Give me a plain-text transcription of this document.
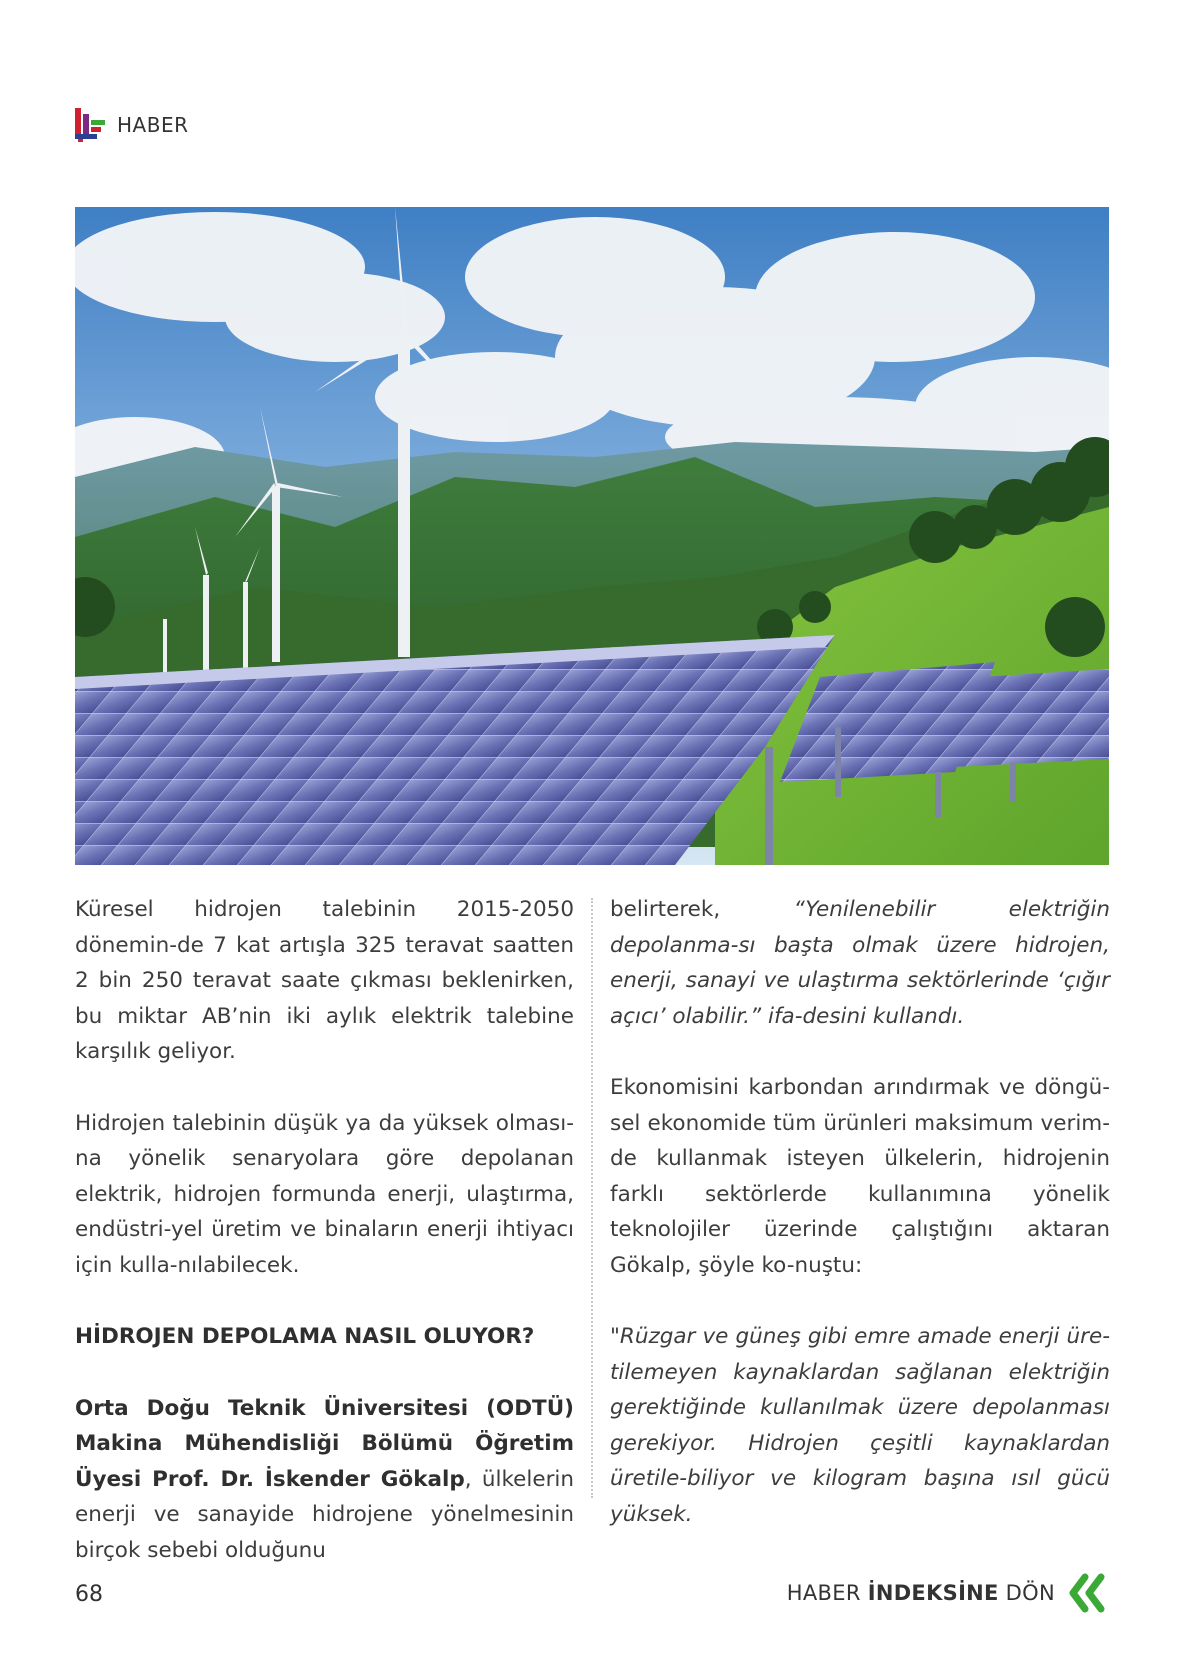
HABER

Küresel hidrojen talebinin 2015-2050 dönemin-de 7 kat artışla 325 teravat saatten 2 bin 250 teravat saate çıkması beklenirken, bu miktar AB’nin iki aylık elektrik talebine karşılık geliyor.

Hidrojen talebinin düşük ya da yüksek olması-na yönelik senaryolara göre depolanan elektrik, hidrojen formunda enerji, ulaştırma, endüstri-yel üretim ve binaların enerji ihtiyacı için kulla-nılabilecek.

HİDROJEN DEPOLAMA NASIL OLUYOR?

Orta Doğu Teknik Üniversitesi (ODTÜ) Makina Mühendisliği Bölümü Öğretim Üyesi Prof. Dr. İskender Gökalp, ülkelerin enerji ve sanayide hidrojene yönelmesinin birçok sebebi olduğunu

belirterek, “Yenilenebilir elektriğin depolanma-sı başta olmak üzere hidrojen, enerji, sanayi ve ulaştırma sektörlerinde ‘çığır açıcı’ olabilir.” ifa-desini kullandı.

Ekonomisini karbondan arındırmak ve döngü-sel ekonomide tüm ürünleri maksimum verim-de kullanmak isteyen ülkelerin, hidrojenin farklı sektörlerde kullanımına yönelik teknolojiler üzerinde çalıştığını aktaran Gökalp, şöyle ko-nuştu:

"Rüzgar ve güneş gibi emre amade enerji üre-tilemeyen kaynaklardan sağlanan elektriğin gerektiğinde kullanılmak üzere depolanması gerekiyor. Hidrojen çeşitli kaynaklardan üretile-biliyor ve kilogram başına ısıl gücü yüksek.

68	HABER İNDEKSİNE DÖN
